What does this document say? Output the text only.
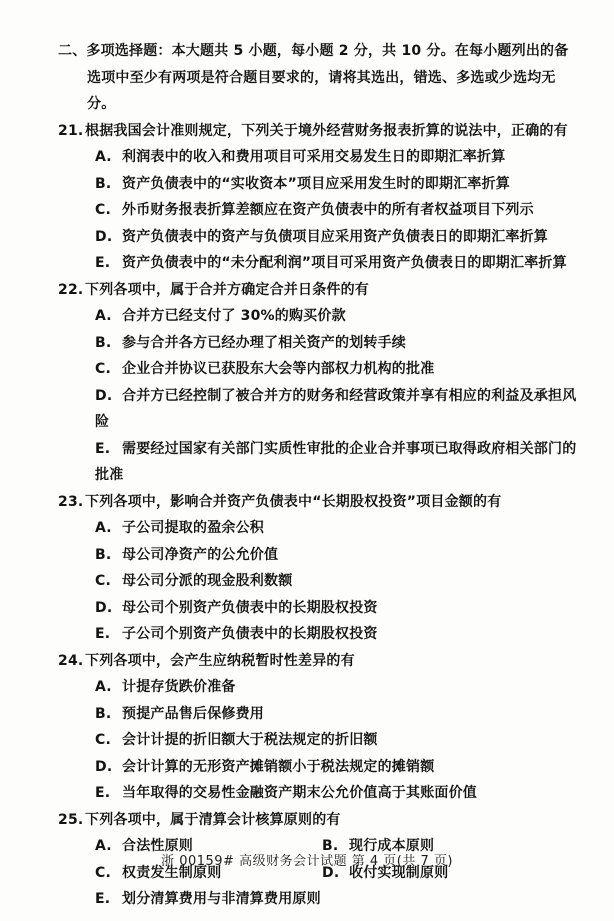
二、多项选择题：本大题共 5 小题，每小题 2 分，共 10 分。在每小题列出的备选项中至少有两项是符合题目要求的，请将其选出，错选、多选或少选均无分。
21. 根据我国会计准则规定，下列关于境外经营财务报表折算的说法中，正确的有
A. 利润表中的收入和费用项目可采用交易发生日的即期汇率折算
B. 资产负债表中的“实收资本”项目应采用发生时的即期汇率折算
C. 外币财务报表折算差额应在资产负债表中的所有者权益项目下列示
D. 资产负债表中的资产与负债项目应采用资产负债表日的即期汇率折算
E. 资产负债表中的“未分配利润”项目可采用资产负债表日的即期汇率折算
22. 下列各项中，属于合并方确定合并日条件的有
A. 合并方已经支付了 30%的购买价款
B. 参与合并各方已经办理了相关资产的划转手续
C. 企业合并协议已获股东大会等内部权力机构的批准
D. 合并方已经控制了被合并方的财务和经营政策并享有相应的利益及承担风险
E. 需要经过国家有关部门实质性审批的企业合并事项已取得政府相关部门的批准
23. 下列各项中，影响合并资产负债表中“长期股权投资”项目金额的有
A. 子公司提取的盈余公积
B. 母公司净资产的公允价值
C. 母公司分派的现金股利数额
D. 母公司个别资产负债表中的长期股权投资
E. 子公司个别资产负债表中的长期股权投资
24. 下列各项中，会产生应纳税暂时性差异的有
A. 计提存货跌价准备
B. 预提产品售后保修费用
C. 会计计提的折旧额大于税法规定的折旧额
D. 会计计算的无形资产摊销额小于税法规定的摊销额
E. 当年取得的交易性金融资产期末公允价值高于其账面价值
25. 下列各项中，属于清算会计核算原则的有
A. 合法性原则	B. 现行成本原则
C. 权责发生制原则	D. 收付实现制原则
E. 划分清算费用与非清算费用原则
浙 00159# 高级财务会计试题 第 4 页(共 7 页)
